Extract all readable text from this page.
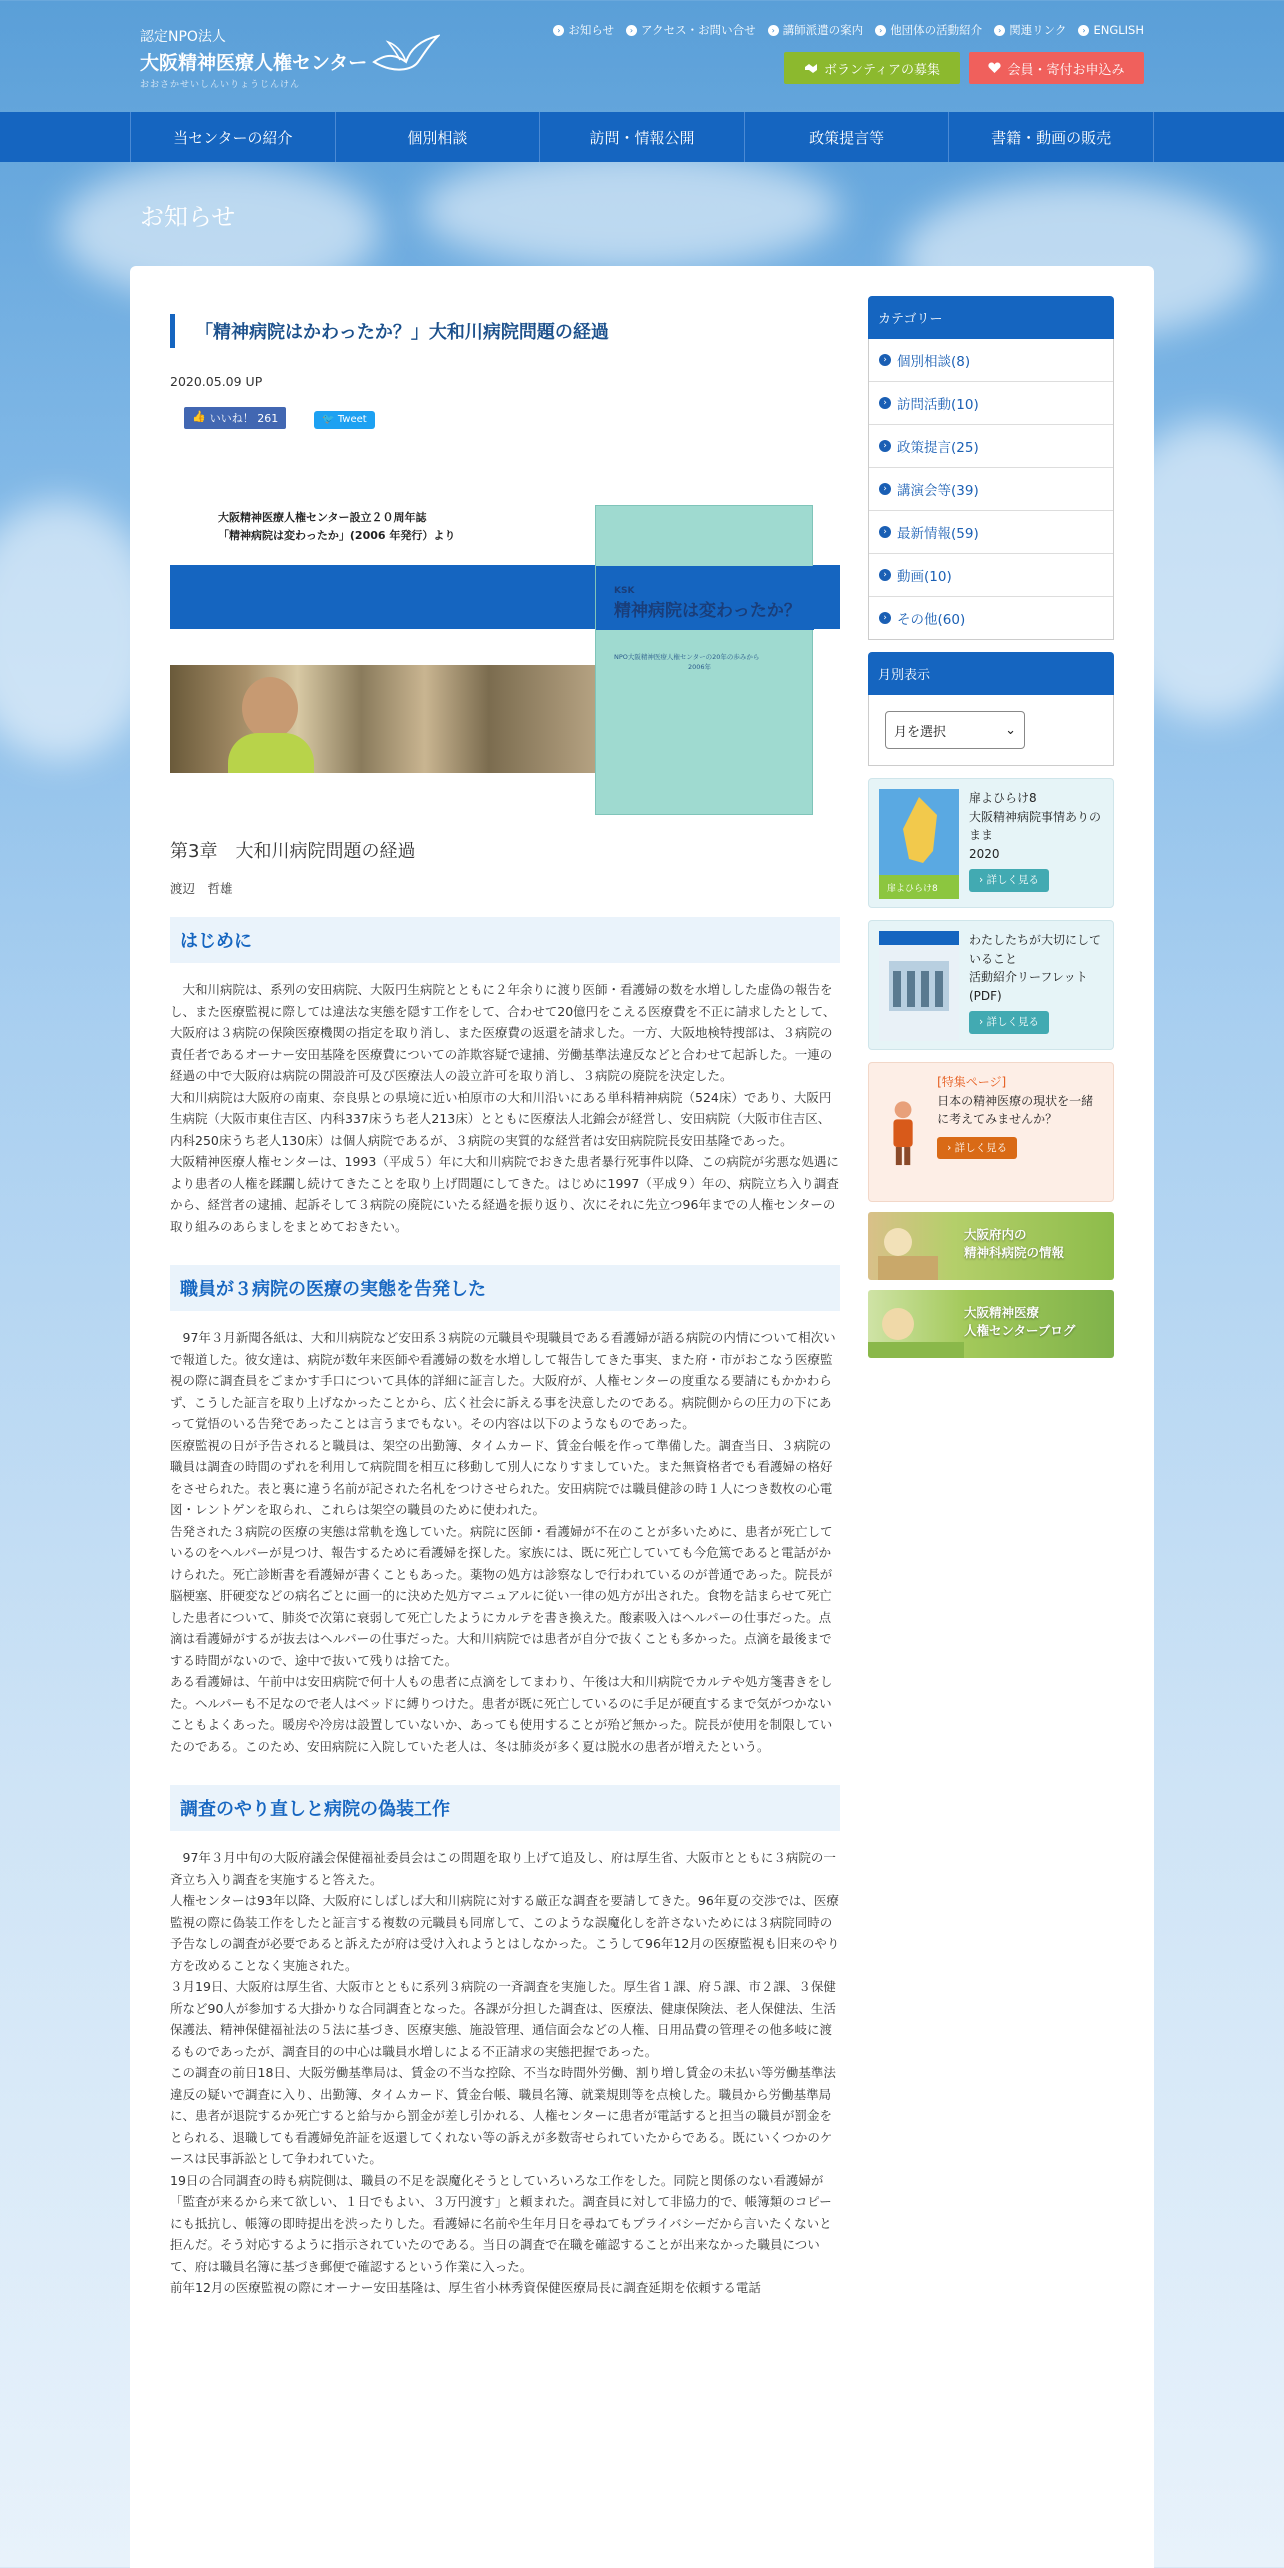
認定NPO法人
大阪精神医療人権センター
おおさかせいしんいりょうじんけん
› お知らせ	› アクセス・お問い合せ	› 講師派遣の案内	› 他団体の活動紹介	› 関連リンク	› ENGLISH
ボランティアの募集	会員・寄付お申込み
当センターの紹介	個別相談	訪問・情報公開	政策提言等	書籍・動画の販売
お知らせ
「精神病院はかわったか？」大和川病院問題の経過
2020.05.09 UP
👍 いいね！ 261	🐦 Tweet
大阪精神医療人権センター設立２０周年誌
「精神病院は変わったか」(2006 年発行）より
KSK
精神病院は変わったか？
NPO大阪精神医療人権センターの20年の歩みから
2006年
第3章　大和川病院問題の経過
渡辺　哲雄
はじめに

　大和川病院は、系列の安田病院、大阪円生病院とともに２年余りに渡り医師・看護婦の数を水増しした虚偽の報告をし、また医療監視に際しては違法な実態を隠す工作をして、合わせて20億円をこえる医療費を不正に請求したとして、大阪府は３病院の保険医療機関の指定を取り消し、また医療費の返還を請求した。一方、大阪地検特捜部は、３病院の責任者であるオーナー安田基隆を医療費についての詐欺容疑で逮捕、労働基準法違反などと合わせて起訴した。一連の経過の中で大阪府は病院の開設許可及び医療法人の設立許可を取り消し、３病院の廃院を決定した。

大和川病院は大阪府の南東、奈良県との県境に近い柏原市の大和川沿いにある単科精神病院（524床）であり、大阪円生病院（大阪市東住吉区、内科337床うち老人213床）とともに医療法人北錦会が経営し、安田病院（大阪市住吉区、内科250床うち老人130床）は個人病院であるが、３病院の実質的な経営者は安田病院院長安田基隆であった。

大阪精神医療人権センターは、1993（平成５）年に大和川病院でおきた患者暴行死事件以降、この病院が劣悪な処遇により患者の人権を蹂躙し続けてきたことを取り上げ問題にしてきた。はじめに1997（平成９）年の、病院立ち入り調査から、経営者の逮捕、起訴そして３病院の廃院にいたる経過を振り返り、次にそれに先立つ96年までの人権センターの取り組みのあらましをまとめておきたい。

職員が３病院の医療の実態を告発した

　97年３月新聞各紙は、大和川病院など安田系３病院の元職員や現職員である看護婦が語る病院の内情について相次いで報道した。彼女達は、病院が数年来医師や看護婦の数を水増しして報告してきた事実、また府・市がおこなう医療監視の際に調査員をごまかす手口について具体的詳細に証言した。大阪府が、人権センターの度重なる要請にもかかわらず、こうした証言を取り上げなかったことから、広く社会に訴える事を決意したのである。病院側からの圧力の下にあって覚悟のいる告発であったことは言うまでもない。その内容は以下のようなものであった。

医療監視の日が予告されると職員は、架空の出勤簿、タイムカード、賃金台帳を作って準備した。調査当日、３病院の職員は調査の時間のずれを利用して病院間を相互に移動して別人になりすましていた。また無資格者でも看護婦の格好をさせられた。表と裏に違う名前が記された名札をつけさせられた。安田病院では職員健診の時１人につき数枚の心電図・レントゲンを取られ、これらは架空の職員のために使われた。

告発された３病院の医療の実態は常軌を逸していた。病院に医師・看護婦が不在のことが多いために、患者が死亡しているのをヘルパーが見つけ、報告するために看護婦を探した。家族には、既に死亡していても今危篤であると電話がかけられた。死亡診断書を看護婦が書くこともあった。薬物の処方は診察なしで行われているのが普通であった。院長が脳梗塞、肝硬変などの病名ごとに画一的に決めた処方マニュアルに従い一律の処方が出された。食物を詰まらせて死亡した患者について、肺炎で次第に衰弱して死亡したようにカルテを書き換えた。酸素吸入はヘルパーの仕事だった。点滴は看護婦がするが抜去はヘルパーの仕事だった。大和川病院では患者が自分で抜くことも多かった。点滴を最後までする時間がないので、途中で抜いて残りは捨てた。

ある看護婦は、午前中は安田病院で何十人もの患者に点滴をしてまわり、午後は大和川病院でカルテや処方箋書きをした。ヘルパーも不足なので老人はベッドに縛りつけた。患者が既に死亡しているのに手足が硬直するまで気がつかないこともよくあった。暖房や冷房は設置していないか、あっても使用することが殆ど無かった。院長が使用を制限していたのである。このため、安田病院に入院していた老人は、冬は肺炎が多く夏は脱水の患者が増えたという。

調査のやり直しと病院の偽装工作

　97年３月中旬の大阪府議会保健福祉委員会はこの問題を取り上げて追及し、府は厚生省、大阪市とともに３病院の一斉立ち入り調査を実施すると答えた。

人権センターは93年以降、大阪府にしばしば大和川病院に対する厳正な調査を要請してきた。96年夏の交渉では、医療監視の際に偽装工作をしたと証言する複数の元職員も同席して、このような誤魔化しを許さないためには３病院同時の予告なしの調査が必要であると訴えたが府は受け入れようとはしなかった。こうして96年12月の医療監視も旧来のやり方を改めることなく実施された。

３月19日、大阪府は厚生省、大阪市とともに系列３病院の一斉調査を実施した。厚生省１課、府５課、市２課、３保健所など90人が参加する大掛かりな合同調査となった。各課が分担した調査は、医療法、健康保険法、老人保健法、生活保護法、精神保健福祉法の５法に基づき、医療実態、施設管理、通信面会などの人権、日用品費の管理その他多岐に渡るものであったが、調査目的の中心は職員水増しによる不正請求の実態把握であった。

この調査の前日18日、大阪労働基準局は、賃金の不当な控除、不当な時間外労働、割り増し賃金の未払い等労働基準法違反の疑いで調査に入り、出勤簿、タイムカード、賃金台帳、職員名簿、就業規則等を点検した。職員から労働基準局に、患者が退院するか死亡すると給与から罰金が差し引かれる、人権センターに患者が電話すると担当の職員が罰金をとられる、退職しても看護婦免許証を返還してくれない等の訴えが多数寄せられていたからである。既にいくつかのケースは民事訴訟として争われていた。

19日の合同調査の時も病院側は、職員の不足を誤魔化そうとしていろいろな工作をした。同院と関係のない看護婦が「監査が来るから来て欲しい、１日でもよい、３万円渡す」と頼まれた。調査員に対して非協力的で、帳簿類のコピーにも抵抗し、帳簿の即時提出を渋ったりした。看護婦に名前や生年月日を尋ねてもプライバシーだから言いたくないと拒んだ。そう対応するように指示されていたのである。当日の調査で在職を確認することが出来なかった職員について、府は職員名簿に基づき郵便で確認するという作業に入った。

前年12月の医療監視の際にオーナー安田基隆は、厚生省小林秀資保健医療局長に調査延期を依頼する電話

カテゴリー
› 個別相談(8)
› 訪問活動(10)
› 政策提言(25)
› 講演会等(39)
› 最新情報(59)
› 動画(10)
› その他(60)
月別表示
月を選択	⌄
扉よひらけ8
扉よひらけ8
大阪精神病院事情ありのまま
2020
› 詳しく見る
わたしたちが大切にしていること
活動紹介リーフレット
(PDF)
› 詳しく見る
[特集ページ]
日本の精神医療の現状を一緒に考えてみませんか？
› 詳しく見る
大阪府内の
精神科病院の情報
大阪精神医療
人権センターブログ
